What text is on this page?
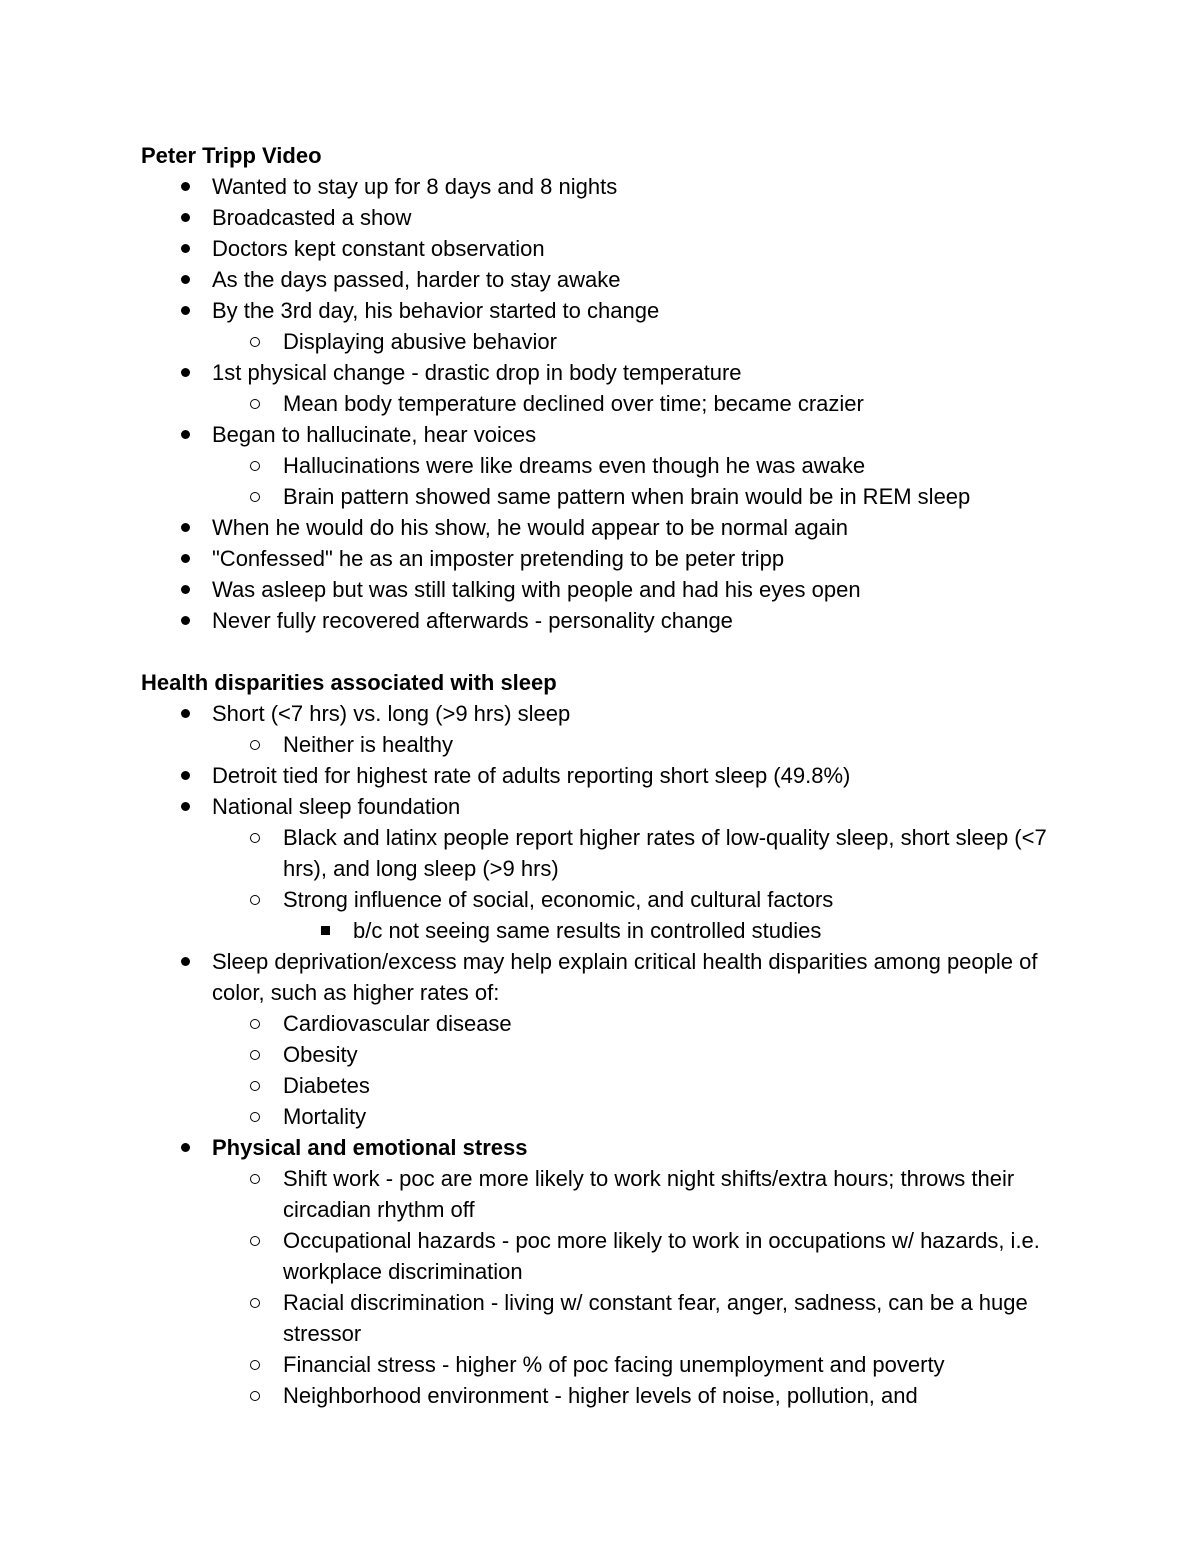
Peter Tripp Video
Wanted to stay up for 8 days and 8 nights
Broadcasted a show
Doctors kept constant observation
As the days passed, harder to stay awake
By the 3rd day, his behavior started to change
Displaying abusive behavior
1st physical change - drastic drop in body temperature
Mean body temperature declined over time; became crazier
Began to hallucinate, hear voices
Hallucinations were like dreams even though he was awake
Brain pattern showed same pattern when brain would be in REM sleep
When he would do his show, he would appear to be normal again
"Confessed" he as an imposter pretending to be peter tripp
Was asleep but was still talking with people and had his eyes open
Never fully recovered afterwards - personality change
Health disparities associated with sleep
Short (<7 hrs) vs. long (>9 hrs) sleep
Neither is healthy
Detroit tied for highest rate of adults reporting short sleep (49.8%)
National sleep foundation
Black and latinx people report higher rates of low-quality sleep, short sleep (<7 hrs), and long sleep (>9 hrs)
Strong influence of social, economic, and cultural factors
b/c not seeing same results in controlled studies
Sleep deprivation/excess may help explain critical health disparities among people of color, such as higher rates of:
Cardiovascular disease
Obesity
Diabetes
Mortality
Physical and emotional stress
Shift work - poc are more likely to work night shifts/extra hours; throws their circadian rhythm off
Occupational hazards - poc more likely to work in occupations w/ hazards, i.e. workplace discrimination
Racial discrimination - living w/ constant fear, anger, sadness, can be a huge stressor
Financial stress - higher % of poc facing unemployment and poverty
Neighborhood environment - higher levels of noise, pollution, and
